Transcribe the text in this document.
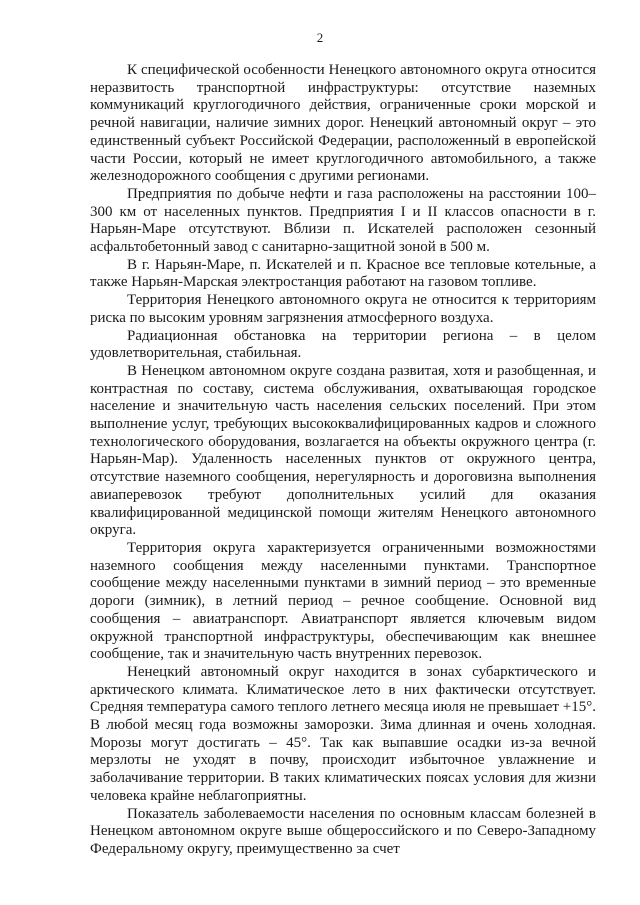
2

К специфической особенности Ненецкого автономного округа относится неразвитость транспортной инфраструктуры: отсутствие наземных коммуникаций круглогодичного действия, ограниченные сроки морской и речной навигации, наличие зимних дорог. Ненецкий автономный округ – это единственный субъект Российской Федерации, расположенный в европейской части России, который не имеет круглогодичного автомобильного, а также железнодорожного сообщения с другими регионами.

Предприятия по добыче нефти и газа расположены на расстоянии 100–300 км от населенных пунктов. Предприятия I и II классов опасности в г. Нарьян-Маре отсутствуют. Вблизи п. Искателей расположен сезонный асфальтобетонный завод с санитарно-защитной зоной в 500 м.

В г. Нарьян-Маре, п. Искателей и п. Красное все тепловые котельные, а также Нарьян-Марская электростанция работают на газовом топливе.

Территория Ненецкого автономного округа не относится к территориям риска по высоким уровням загрязнения атмосферного воздуха.

Радиационная обстановка на территории региона – в целом удовлетворительная, стабильная.

В Ненецком автономном округе создана развитая, хотя и разобщенная, и контрастная по составу, система обслуживания, охватывающая городское население и значительную часть населения сельских поселений. При этом выполнение услуг, требующих высококвалифицированных кадров и сложного технологического оборудования, возлагается на объекты окружного центра (г. Нарьян-Мар). Удаленность населенных пунктов от окружного центра, отсутствие наземного сообщения, нерегулярность и дороговизна выполнения авиаперевозок требуют дополнительных усилий для оказания квалифицированной медицинской помощи жителям Ненецкого автономного округа.

Территория округа характеризуется ограниченными возможностями наземного сообщения между населенными пунктами. Транспортное сообщение между населенными пунктами в зимний период – это временные дороги (зимник), в летний период – речное сообщение. Основной вид сообщения – авиатранспорт. Авиатранспорт является ключевым видом окружной транспортной инфраструктуры, обеспечивающим как внешнее сообщение, так и значительную часть внутренних перевозок.

Ненецкий автономный округ находится в зонах субарктического и арктического климата. Климатическое лето в них фактически отсутствует. Средняя температура самого теплого летнего месяца июля не превышает +15°. В любой месяц года возможны заморозки. Зима длинная и очень холодная. Морозы могут достигать – 45°. Так как выпавшие осадки из-за вечной мерзлоты не уходят в почву, происходит избыточное увлажнение и заболачивание территории. В таких климатических поясах условия для жизни человека крайне неблагоприятны.

Показатель заболеваемости населения по основным классам болезней в Ненецком автономном округе выше общероссийского и по Северо-Западному Федеральному округу, преимущественно за счет
